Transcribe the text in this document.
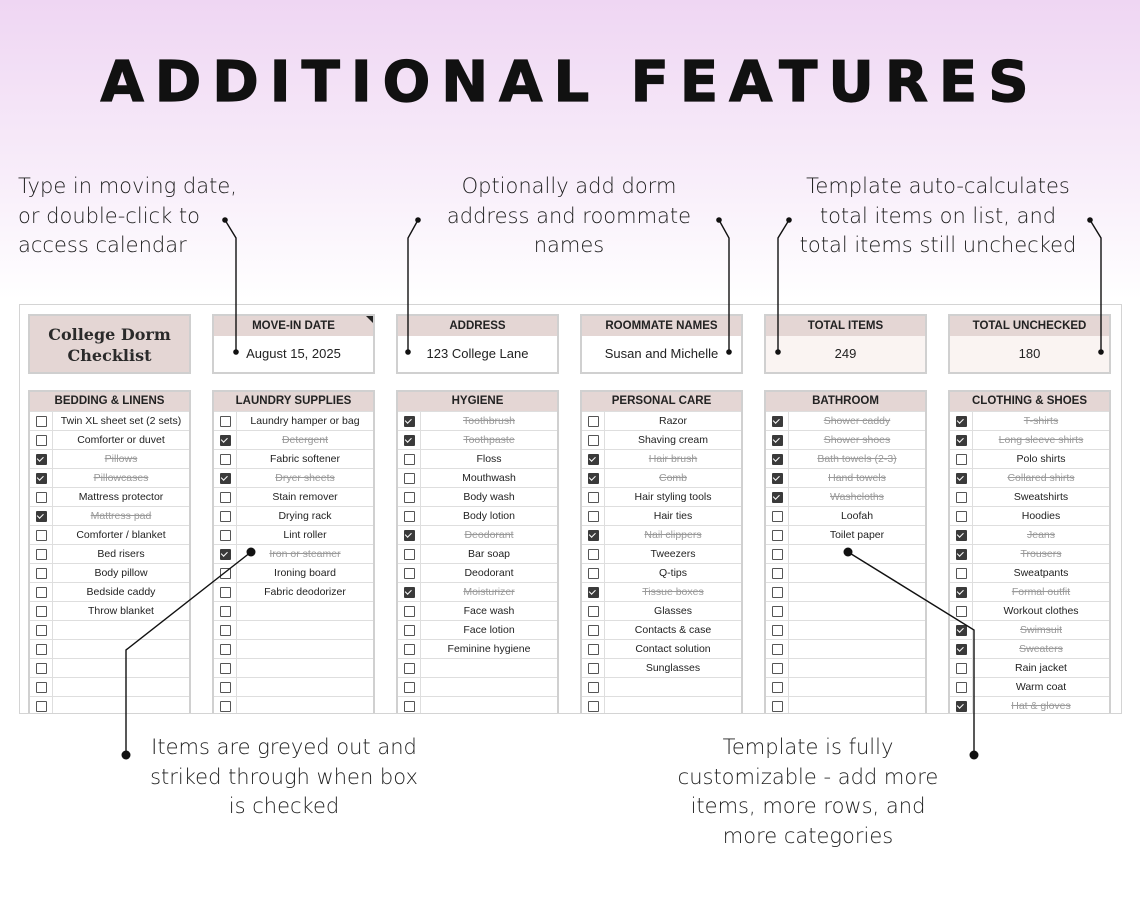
ADDITIONAL FEATURES
Type in moving date,
or double-click to
access calendar
Optionally add dorm
address and roommate
names
Template auto-calculates
total items on list, and
total items still unchecked
Items are greyed out and
striked through when box
is checked
Template is fully
customizable - add more
items, more rows, and
more categories
College Dorm
Checklist
MOVE-IN DATE
August 15, 2025
ADDRESS
123 College Lane
ROOMMATE NAMES
Susan and Michelle
TOTAL ITEMS
249
TOTAL UNCHECKED
180
BEDDING & LINENS
Twin XL sheet set (2 sets)
Comforter or duvet
Pillows
Pillowcases
Mattress protector
Mattress pad
Comforter / blanket
Bed risers
Body pillow
Bedside caddy
Throw blanket
LAUNDRY SUPPLIES
Laundry hamper or bag
Detergent
Fabric softener
Dryer sheets
Stain remover
Drying rack
Lint roller
Iron or steamer
Ironing board
Fabric deodorizer
HYGIENE
Toothbrush
Toothpaste
Floss
Mouthwash
Body wash
Body lotion
Deodorant
Bar soap
Deodorant
Moisturizer
Face wash
Face lotion
Feminine hygiene
PERSONAL CARE
Razor
Shaving cream
Hair brush
Comb
Hair styling tools
Hair ties
Nail clippers
Tweezers
Q-tips
Tissue boxes
Glasses
Contacts & case
Contact solution
Sunglasses
BATHROOM
Shower caddy
Shower shoes
Bath towels (2-3)
Hand towels
Washcloths
Loofah
Toilet paper
CLOTHING & SHOES
T-shirts
Long sleeve shirts
Polo shirts
Collared shirts
Sweatshirts
Hoodies
Jeans
Trousers
Sweatpants
Formal outfit
Workout clothes
Swimsuit
Sweaters
Rain jacket
Warm coat
Hat & gloves
